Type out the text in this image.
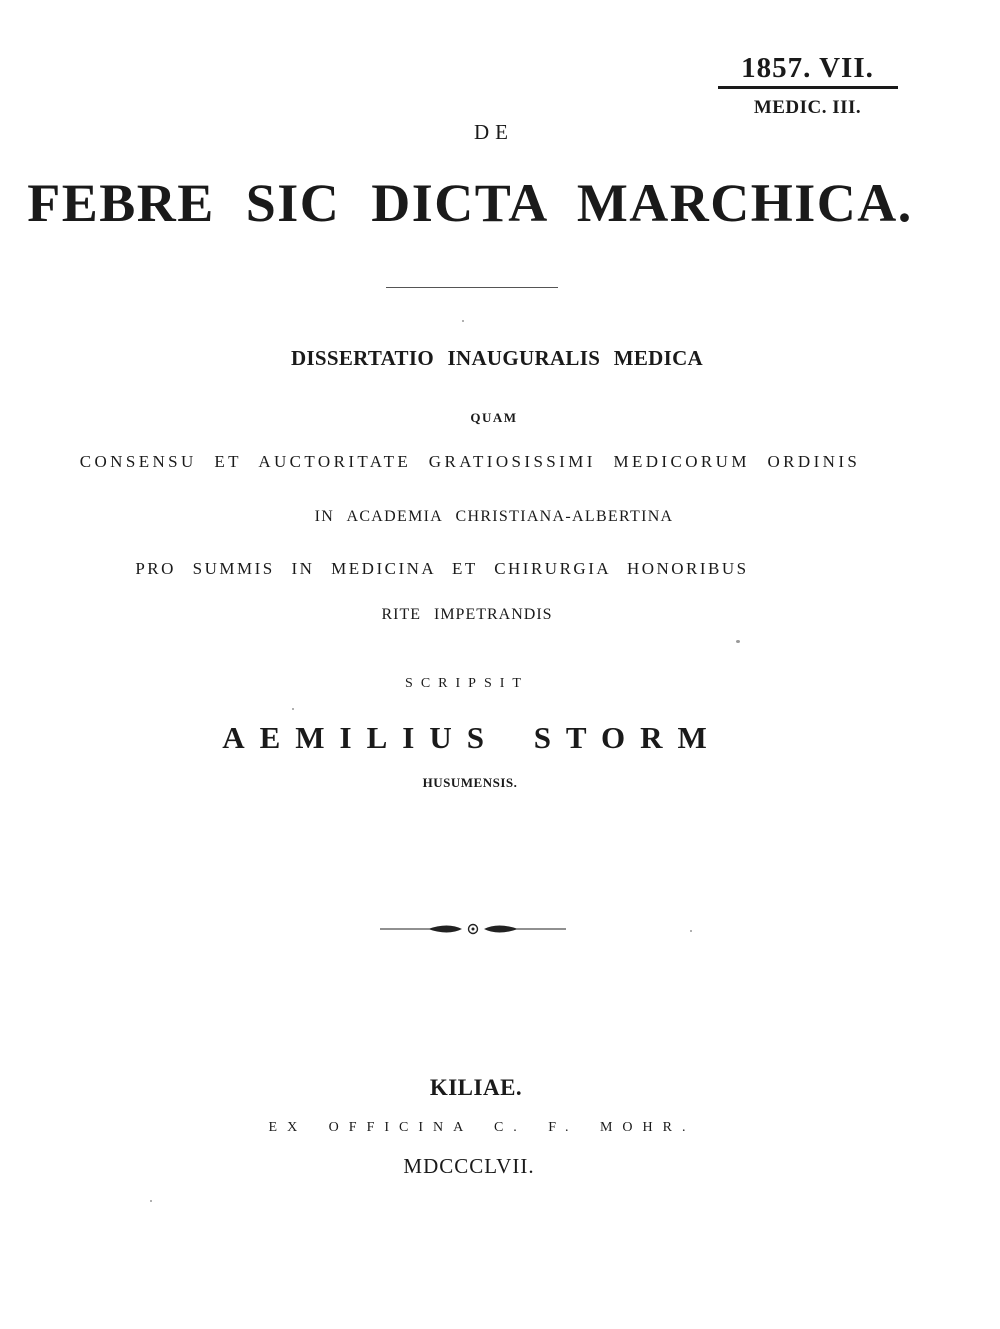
1857. VII.
MEDIC. III.
DE
FEBRE SIC DICTA MARCHICA.
DISSERTATIO INAUGURALIS MEDICA
QUAM
CONSENSU ET AUCTORITATE GRATIOSISSIMI MEDICORUM ORDINIS
IN ACADEMIA CHRISTIANA-ALBERTINA
PRO SUMMIS IN MEDICINA ET CHIRURGIA HONORIBUS
RITE IMPETRANDIS
SCRIPSIT
AEMILIUS STORM
HUSUMENSIS.
KILIAE.
EX OFFICINA C. F. MOHR.
MDCCCLVII.
